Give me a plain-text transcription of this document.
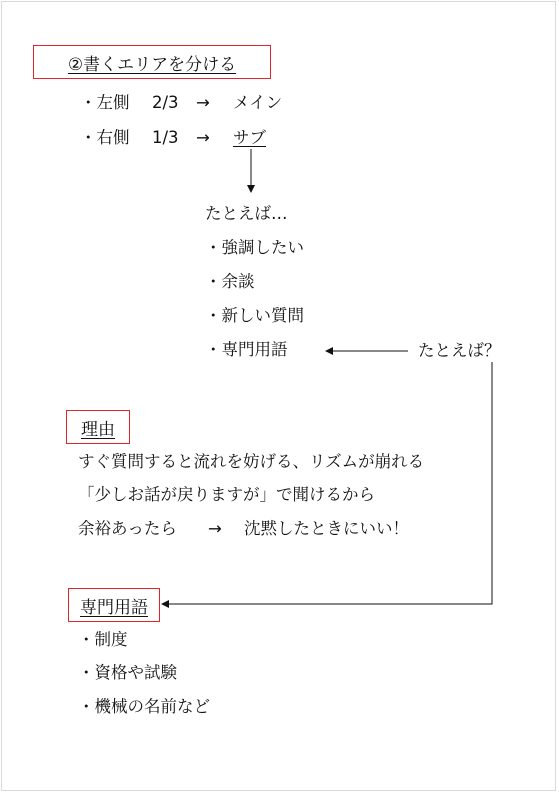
②書くエリアを分ける
・左側 2/3 → メイン
・右側 1/3 → サブ
たとえば…
・強調したい
・余談
・新しい質問
・専門用語	たとえば？
理由
すぐ質問すると流れを妨げる、リズムが崩れる
「少しお話が戻りますが」で聞けるから
余裕あったら → 沈黙したときにいい！
専門用語
・制度
・資格や試験
・機械の名前など
